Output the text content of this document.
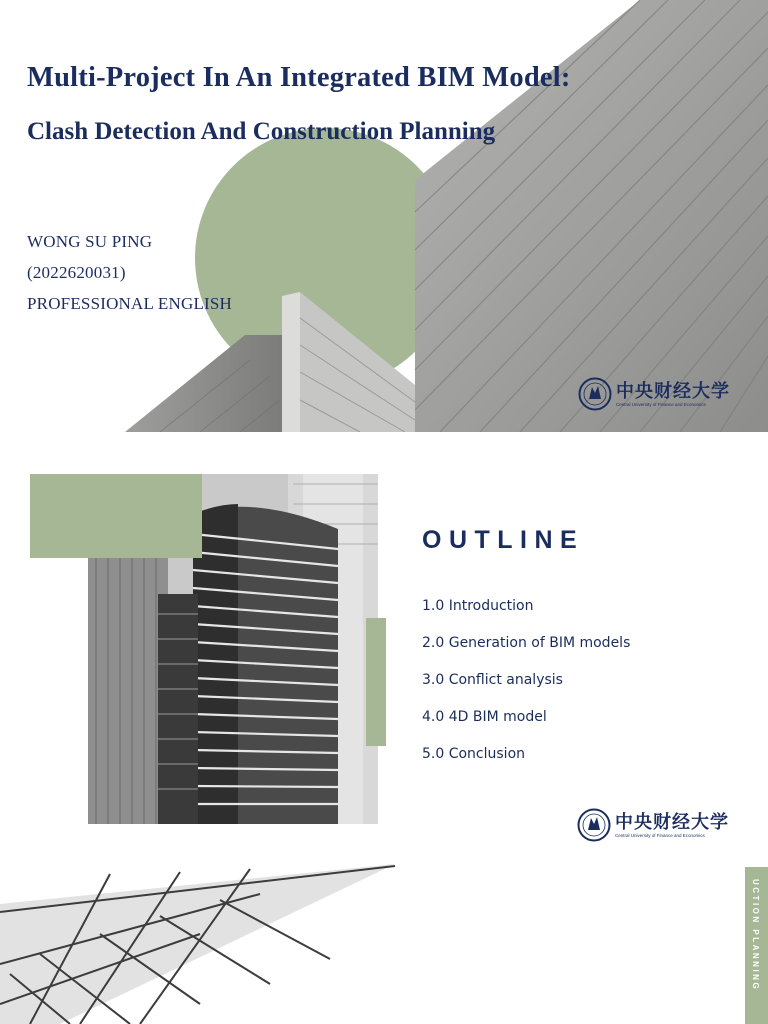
Multi-Project In An Integrated BIM Model:
Clash Detection And Construction Planning
WONG SU PING
(2022620031)
PROFESSIONAL ENGLISH
中央财经大学
Central University of Finance and Economics
OUTLINE
1.0 Introduction
2.0 Generation of BIM models
3.0 Conflict analysis
4.0 4D BIM model
5.0 Conclusion
中央财经大学
Central University of Finance and Economics
UCTION PLANNING
